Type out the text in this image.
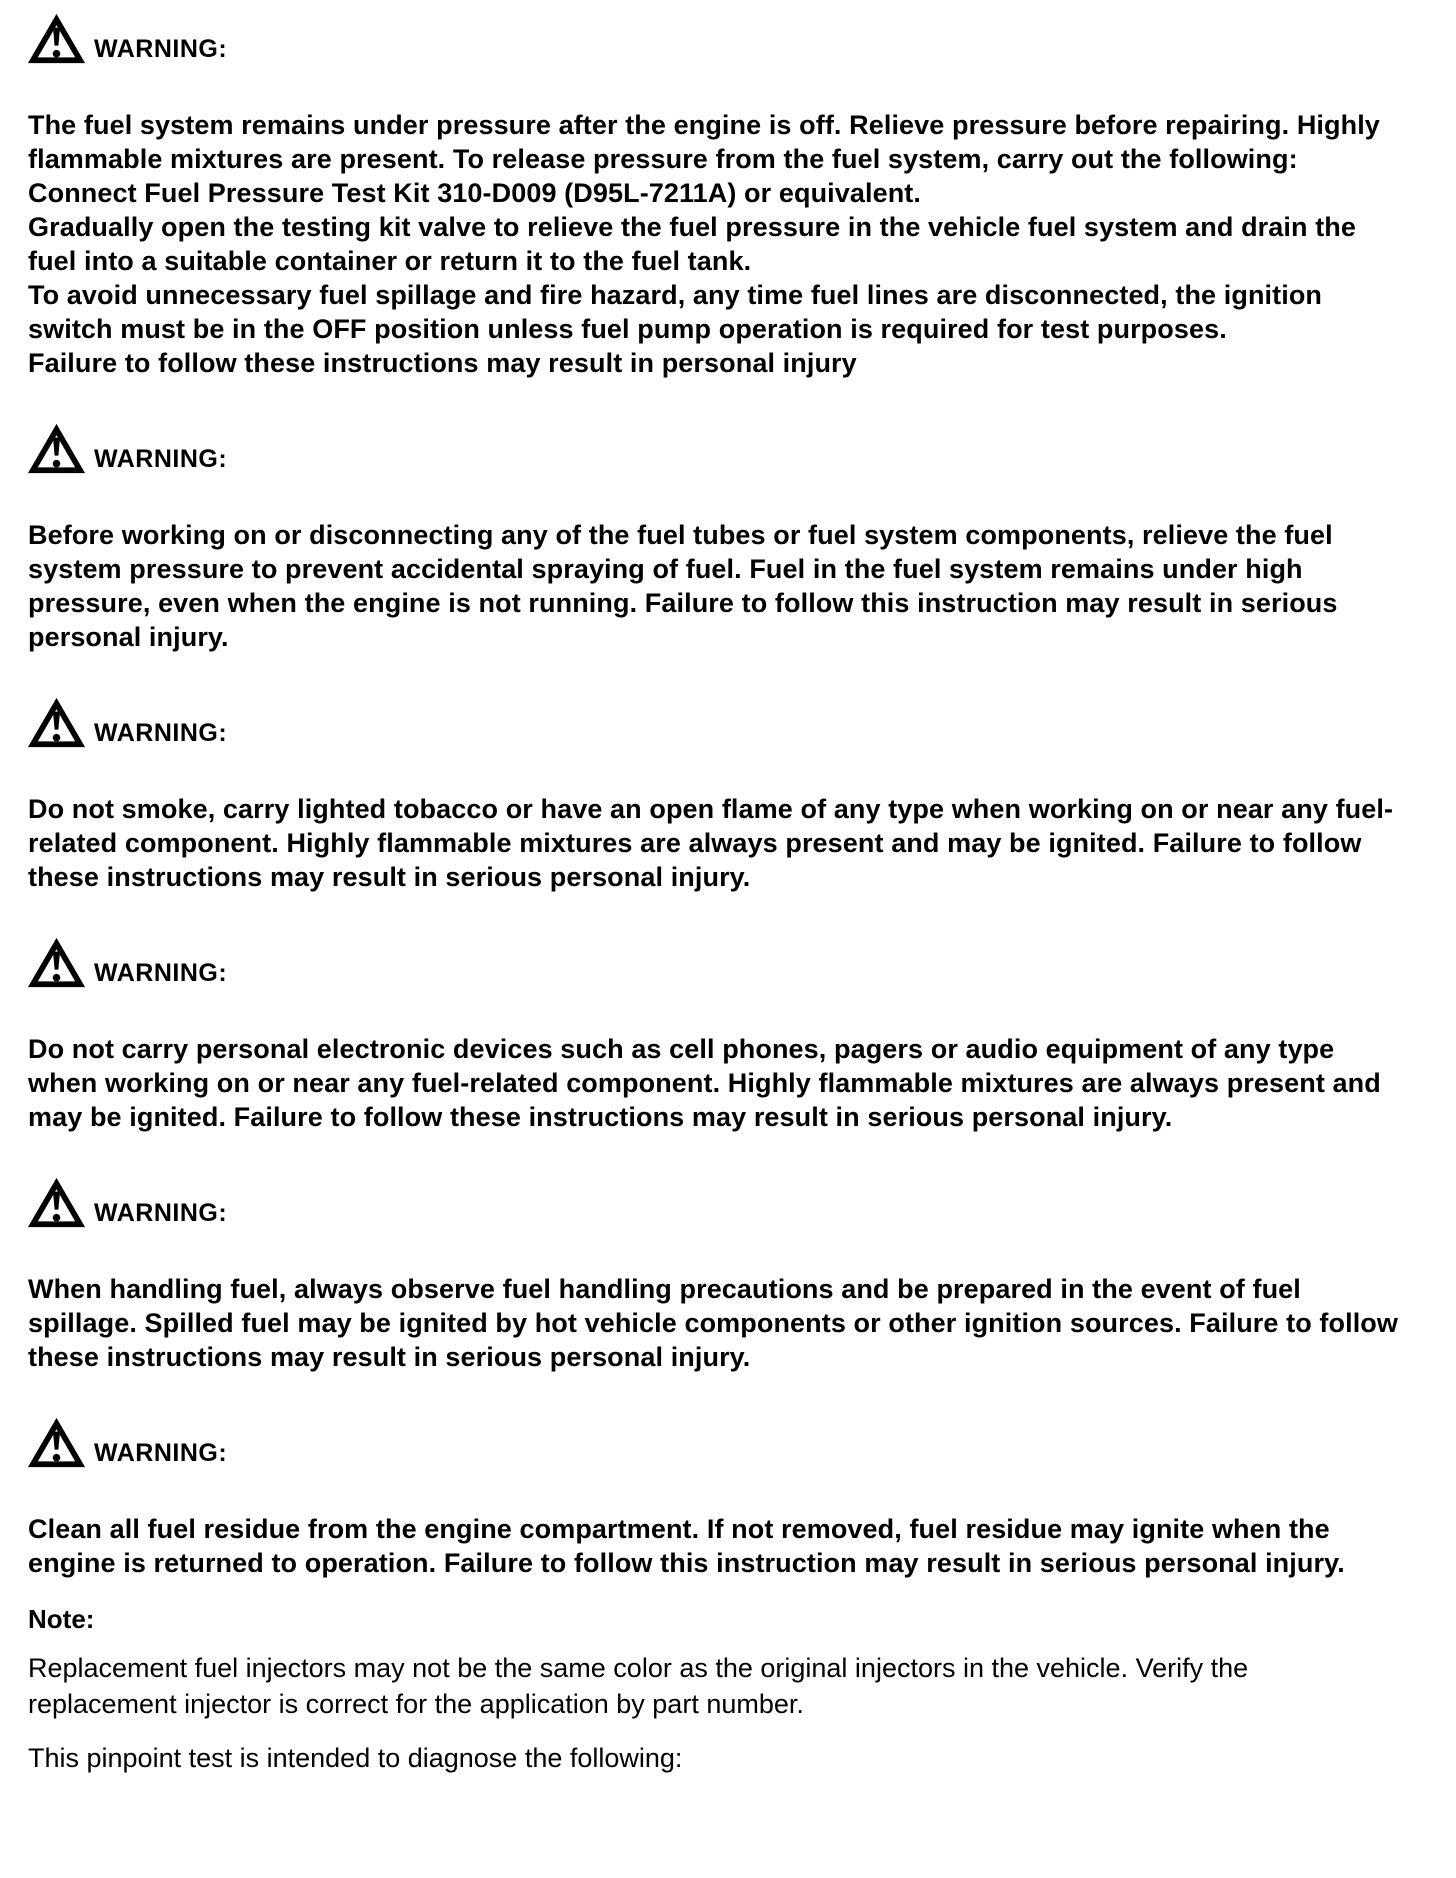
WARNING:

The fuel system remains under pressure after the engine is off. Relieve pressure before repairing. Highly flammable mixtures are present. To release pressure from the fuel system, carry out the following:

Connect Fuel Pressure Test Kit 310-D009 (D95L-7211A) or equivalent.

Gradually open the testing kit valve to relieve the fuel pressure in the vehicle fuel system and drain the fuel into a suitable container or return it to the fuel tank.

To avoid unnecessary fuel spillage and fire hazard, any time fuel lines are disconnected, the ignition switch must be in the OFF position unless fuel pump operation is required for test purposes.

Failure to follow these instructions may result in personal injury

WARNING:

Before working on or disconnecting any of the fuel tubes or fuel system components, relieve the fuel system pressure to prevent accidental spraying of fuel. Fuel in the fuel system remains under high pressure, even when the engine is not running. Failure to follow this instruction may result in serious personal injury.

WARNING:

Do not smoke, carry lighted tobacco or have an open flame of any type when working on or near any fuel-related component. Highly flammable mixtures are always present and may be ignited. Failure to follow these instructions may result in serious personal injury.

WARNING:

Do not carry personal electronic devices such as cell phones, pagers or audio equipment of any type when working on or near any fuel-related component. Highly flammable mixtures are always present and may be ignited. Failure to follow these instructions may result in serious personal injury.

WARNING:

When handling fuel, always observe fuel handling precautions and be prepared in the event of fuel spillage. Spilled fuel may be ignited by hot vehicle components or other ignition sources. Failure to follow these instructions may result in serious personal injury.

WARNING:

Clean all fuel residue from the engine compartment. If not removed, fuel residue may ignite when the engine is returned to operation. Failure to follow this instruction may result in serious personal injury.

Note:

Replacement fuel injectors may not be the same color as the original injectors in the vehicle. Verify the replacement injector is correct for the application by part number.

This pinpoint test is intended to diagnose the following:
